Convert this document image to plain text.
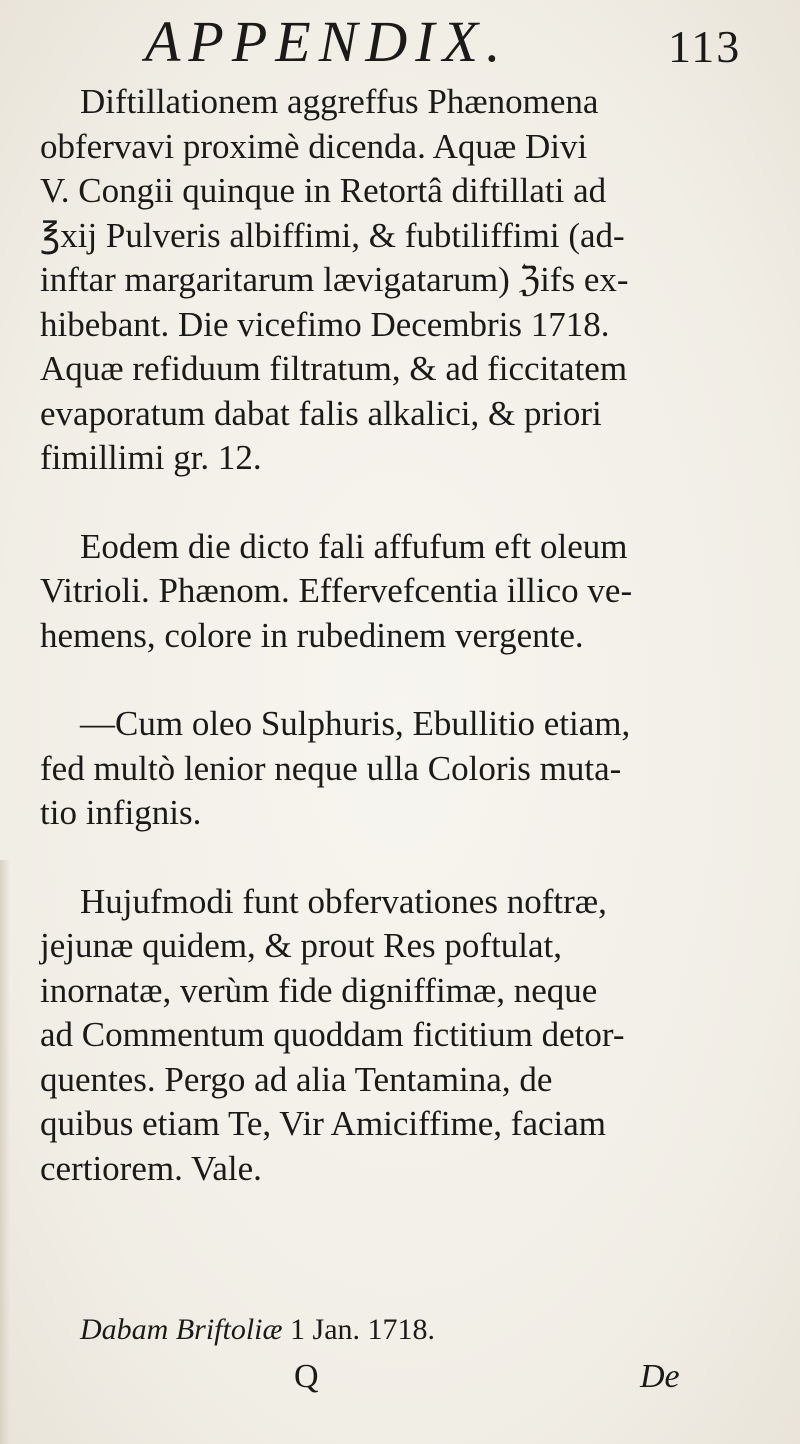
APPENDIX.	113

Diftillationem aggreffus Phænomena
obfervavi proximè dicenda. Aquæ Divi
V. Congii quinque in Retortâ diftillati ad
℥xij Pulveris albiffimi, & fubtiliffimi (ad-
inftar margaritarum lævigatarum) ℨifs ex-
hibebant. Die vicefimo Decembris 1718.
Aquæ refiduum filtratum, & ad ficcitatem
evaporatum dabat falis alkalici, & priori
fimillimi gr. 12.

Eodem die dicto fali affufum eft oleum
Vitrioli. Phænom. Effervefcentia illico ve-
hemens, colore in rubedinem vergente.

—Cum oleo Sulphuris, Ebullitio etiam,
fed multò lenior neque ulla Coloris muta-
tio infignis.

Hujufmodi funt obfervationes noftræ,
jejunæ quidem, & prout Res poftulat,
inornatæ, verùm fide digniffimæ, neque
ad Commentum quoddam fictitium detor-
quentes. Pergo ad alia Tentamina, de
quibus etiam Te, Vir Amiciffime, faciam
certiorem. Vale.

Dabam Briftoliæ 1 Jan. 1718.
Q	De
